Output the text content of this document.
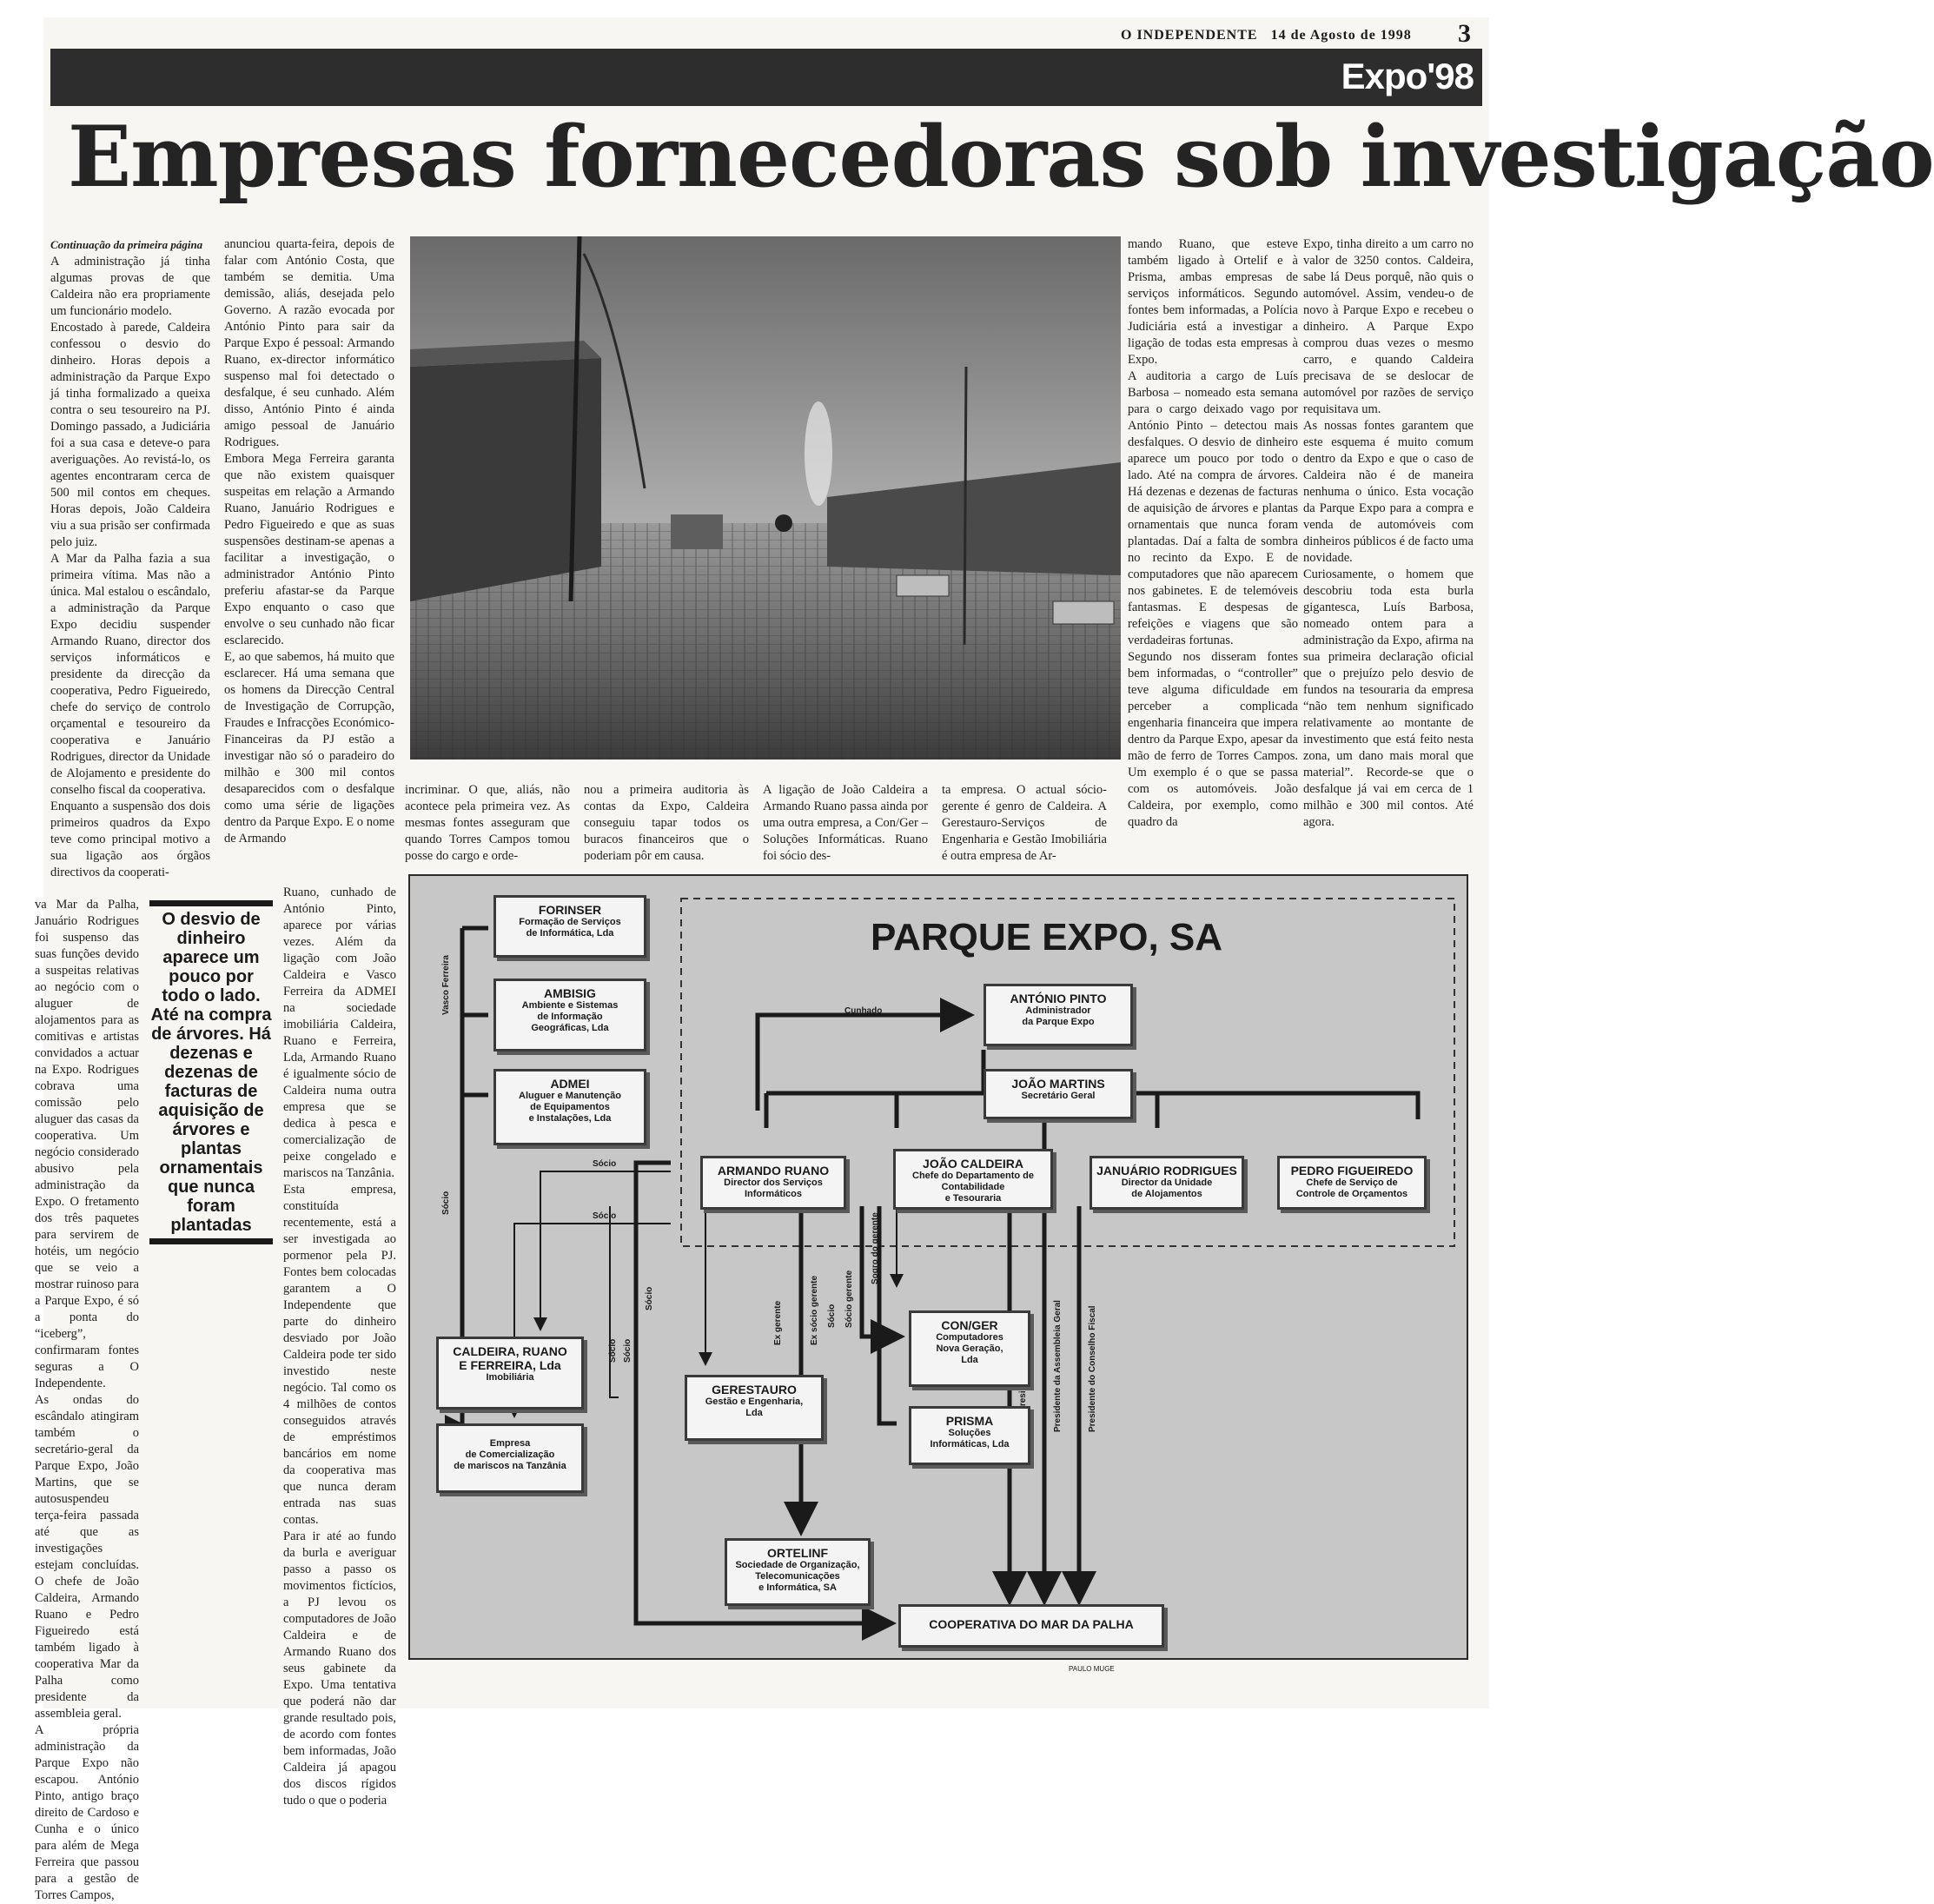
O INDEPENDENTE 14 de Agosto de 1998 3
Expo'98
Empresas fornecedoras sob investigação
Continuação da primeira página
A administração já tinha algumas provas de que Caldeira não era propriamente um funcionário modelo.
Encostado à parede, Caldeira confessou o desvio do dinheiro. Horas depois a administração da Parque Expo já tinha formalizado a queixa contra o seu tesoureiro na PJ. Domingo passado, a Judiciária foi a sua casa e deteve-o para averiguações. Ao revistá-lo, os agentes encontraram cerca de 500 mil contos em cheques. Horas depois, João Caldeira viu a sua prisão ser confirmada pelo juiz.
A Mar da Palha fazia a sua primeira vítima. Mas não a única. Mal estalou o escândalo, a administração da Parque Expo decidiu suspender Armando Ruano, director dos serviços informáticos e presidente da direcção da cooperativa, Pedro Figueiredo, chefe do serviço de controlo orçamental e tesoureiro da cooperativa e Januário Rodrigues, director da Unidade de Alojamento e presidente do conselho fiscal da cooperativa.
Enquanto a suspensão dos dois primeiros quadros da Expo teve como principal motivo a sua ligação aos órgãos directivos da cooperati-
anunciou quarta-feira, depois de falar com António Costa, que também se demitia. Uma demissão, aliás, desejada pelo Governo. A razão evocada por António Pinto para sair da Parque Expo é pessoal: Armando Ruano, ex-director informático suspenso mal foi detectado o desfalque, é seu cunhado. Além disso, António Pinto é ainda amigo pessoal de Januário Rodrigues.
Embora Mega Ferreira garanta que não existem quaisquer suspeitas em relação a Armando Ruano, Januário Rodrigues e Pedro Figueiredo e que as suas suspensões destinam-se apenas a facilitar a investigação, o administrador António Pinto preferiu afastar-se da Parque Expo enquanto o caso que envolve o seu cunhado não ficar esclarecido.
E, ao que sabemos, há muito que esclarecer. Há uma semana que os homens da Direcção Central de Investigação de Corrupção, Fraudes e Infracções Económico-Financeiras da PJ estão a investigar não só o paradeiro do milhão e 300 mil contos desaparecidos com o desfalque como uma série de ligações dentro da Parque Expo. E o nome de Armando
incriminar. O que, aliás, não acontece pela primeira vez. As mesmas fontes asseguram que quando Torres Campos tomou posse do cargo e orde-
nou a primeira auditoria às contas da Expo, Caldeira conseguiu tapar todos os buracos financeiros que o poderiam pôr em causa.
A ligação de João Caldeira a Armando Ruano passa ainda por uma outra empresa, a Con/Ger – Soluções Informáticas. Ruano foi sócio des-
ta empresa. O actual sócio-gerente é genro de Caldeira. A Gerestauro-Serviços de Engenharia e Gestão Imobiliária é outra empresa de Ar-
mando Ruano, que esteve também ligado à Ortelif e à Prisma, ambas empresas de serviços informáticos. Segundo fontes bem informadas, a Polícia Judiciária está a investigar a ligação de todas esta empresas à Expo.
A auditoria a cargo de Luís Barbosa – nomeado esta semana para o cargo deixado vago por António Pinto – detectou mais desfalques. O desvio de dinheiro aparece um pouco por todo o lado. Até na compra de árvores. Há dezenas e dezenas de facturas de aquisição de árvores e plantas ornamentais que nunca foram plantadas. Daí a falta de sombra no recinto da Expo. E de computadores que não aparecem nos gabinetes. E de telemóveis fantasmas. E despesas de refeições e viagens que são verdadeiras fortunas.
Segundo nos disseram fontes bem informadas, o “controller” teve alguma dificuldade em perceber a complicada engenharia financeira que impera dentro da Parque Expo, apesar da mão de ferro de Torres Campos. Um exemplo é o que se passa com os automóveis. João Caldeira, por exemplo, como quadro da
Expo, tinha direito a um carro no valor de 3250 contos. Caldeira, sabe lá Deus porquê, não quis o automóvel. Assim, vendeu-o de novo à Parque Expo e recebeu o dinheiro. A Parque Expo comprou duas vezes o mesmo carro, e quando Caldeira precisava de se deslocar de automóvel por razões de serviço requisitava um.
As nossas fontes garantem que este esquema é muito comum dentro da Expo e que o caso de Caldeira não é de maneira nenhuma o único. Esta vocação da Parque Expo para a compra e venda de automóveis com dinheiros públicos é de facto uma novidade.
Curiosamente, o homem que descobriu toda esta burla gigantesca, Luís Barbosa, nomeado ontem para a administração da Expo, afirma na sua primeira declaração oficial que o prejuízo pelo desvio de fundos na tesouraria da empresa “não tem nenhum significado relativamente ao montante de investimento que está feito nesta zona, um dano mais moral que material”. Recorde-se que o desfalque já vai em cerca de 1 milhão e 300 mil contos. Até agora.
va Mar da Palha, Januário Rodrigues foi suspenso das suas funções devido a suspeitas relativas ao negócio com o aluguer de alojamentos para as comitivas e artistas convidados a actuar na Expo. Rodrigues cobrava uma comissão pelo aluguer das casas da cooperativa. Um negócio considerado abusivo pela administração da Expo. O fretamento dos três paquetes para servirem de hotéis, um negócio que se veio a mostrar ruinoso para a Parque Expo, é só a ponta do “iceberg”, confirmaram fontes seguras a O Independente.
As ondas do escândalo atingiram também o secretário-geral da Parque Expo, João Martins, que se autosuspendeu terça-feira passada até que as investigações estejam concluídas. O chefe de João Caldeira, Armando Ruano e Pedro Figueiredo está também ligado à cooperativa Mar da Palha como presidente da assembleia geral.
A própria administração da Parque Expo não escapou. António Pinto, antigo braço direito de Cardoso e Cunha e o único para além de Mega Ferreira que passou para a gestão de Torres Campos,
Ruano, cunhado de António Pinto, aparece por várias vezes. Além da ligação com João Caldeira e Vasco Ferreira da ADMEI na sociedade imobiliária Caldeira, Ruano e Ferreira, Lda, Armando Ruano é igualmente sócio de Caldeira numa outra empresa que se dedica à pesca e comercialização de peixe congelado e mariscos na Tanzânia.
Esta empresa, constituída recentemente, está a ser investigada ao pormenor pela PJ. Fontes bem colocadas garantem a O Independente que parte do dinheiro desviado por João Caldeira pode ter sido investido neste negócio. Tal como os 4 milhões de contos conseguidos através de empréstimos bancários em nome da cooperativa mas que nunca deram entrada nas suas contas.
Para ir até ao fundo da burla e averiguar passo a passo os movimentos fictícios, a PJ levou os computadores de João Caldeira e de Armando Ruano dos seus gabinete da Expo. Uma tentativa que poderá não dar grande resultado pois, de acordo com fontes bem informadas, João Caldeira já apagou dos discos rígidos tudo o que o poderia
O desvio de dinheiro aparece um pouco por todo o lado. Até na compra de árvores. Há dezenas e dezenas de facturas de aquisição de árvores e plantas ornamentais que nunca foram plantadas
PARQUE EXPO, SA
Vasco Ferreira	Cunhado
Sócio
Sócio
Sócio
Sócio
Sócio
Sócio
Sogro do gerente
Sócio gerente
Sócio
Ex sócio gerente
Ex gerente	Presidente da Assembleia Geral	Presidente do Conselho Fiscal
FORINSER
Formação de Serviços
de Informática, Lda
AMBISIG
Ambiente e Sistemas
de Informação
Geográficas, Lda
ADMEI
Aluguer e Manutenção
de Equipamentos
e Instalações, Lda
ANTÓNIO PINTO
Administrador
da Parque Expo
JOÃO MARTINS
Secretário Geral
ARMANDO RUANO
Director dos Serviços
Informáticos
JOÃO CALDEIRA
Chefe do Departamento de
Contabilidade
e Tesouraria
JANUÁRIO RODRIGUES
Director da Unidade
de Alojamentos
PEDRO FIGUEIREDO
Chefe de Serviço de
Controle de Orçamentos
CALDEIRA, RUANO
E FERREIRA, Lda
Imobiliária
Empresa
de Comercialização
de mariscos na Tanzânia
GERESTAURO
Gestão e Engenharia,
Lda
CON/GER
Computadores
Nova Geração,
Lda
PRISMA
Soluções
Informáticas, Lda
ORTELINF
Sociedade de Organização,
Telecomunicações
e Informática, SA
COOPERATIVA DO MAR DA PALHA
PAULO MUGE
